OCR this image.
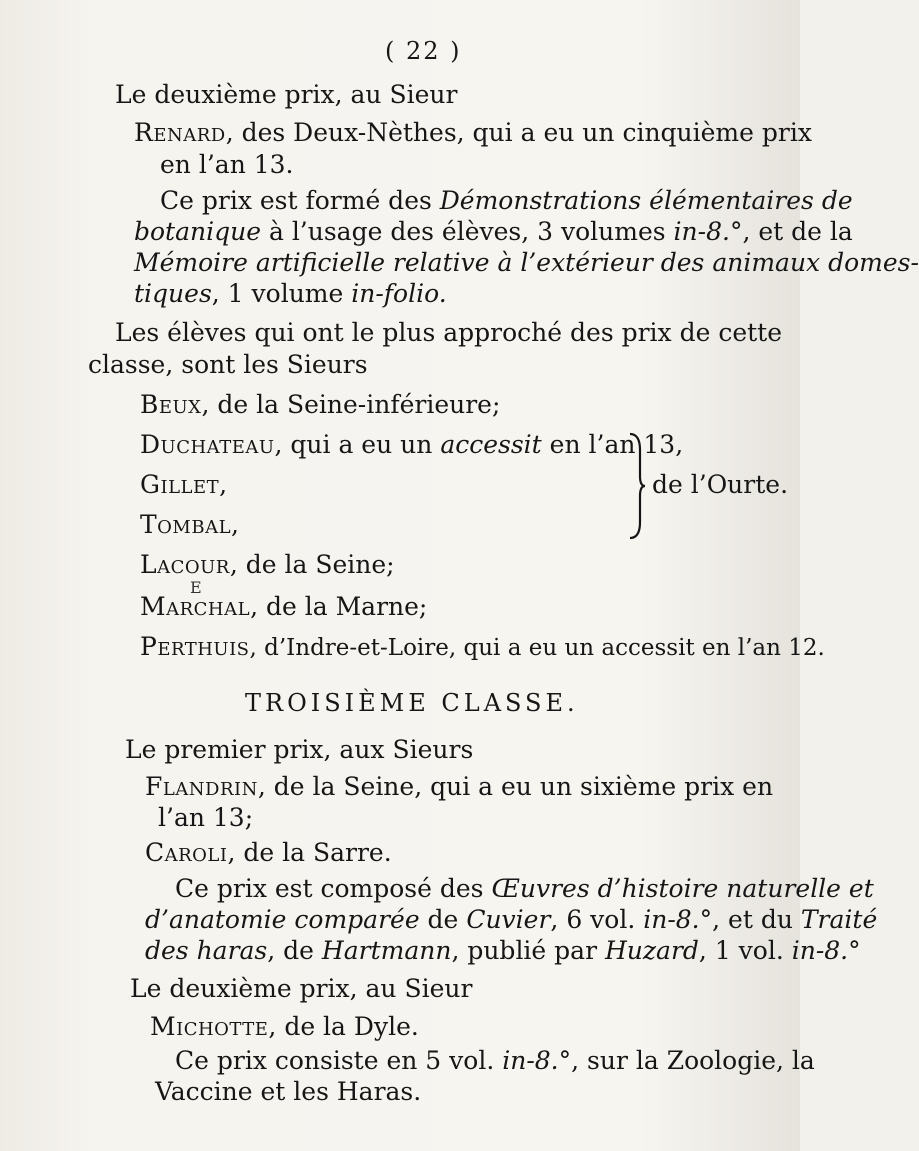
( 22 )
Le deuxième prix, au Sieur
Renard, des Deux-Nèthes, qui a eu un cinquième prix
en l’an 13.
Ce prix est formé des Démonstrations élémentaires de
botanique à l’usage des élèves, 3 volumes in-8.°, et de la
Mémoire artificielle relative à l’extérieur des animaux domes-
tiques, 1 volume in-folio.
Les élèves qui ont le plus approché des prix de cette
classe, sont les Sieurs
Beux, de la Seine-inférieure;
Duchateau, qui a eu un accessit en l’an 13,
Gillet,	de l’Ourte.
Tombal,
Lacour, de la Seine;
E
Marchal, de la Marne;
Perthuis, d’Indre-et-Loire, qui a eu un accessit en l’an 12.
TROISIÈME CLASSE.
Le premier prix, aux Sieurs
Flandrin, de la Seine, qui a eu un sixième prix en
l’an 13;
Caroli, de la Sarre.
Ce prix est composé des Œuvres d’histoire naturelle et
d’anatomie comparée de Cuvier, 6 vol. in-8.°, et du Traité
des haras, de Hartmann, publié par Huzard, 1 vol. in-8.°
Le deuxième prix, au Sieur
Michotte, de la Dyle.
Ce prix consiste en 5 vol. in-8.°, sur la Zoologie, la
Vaccine et les Haras.
